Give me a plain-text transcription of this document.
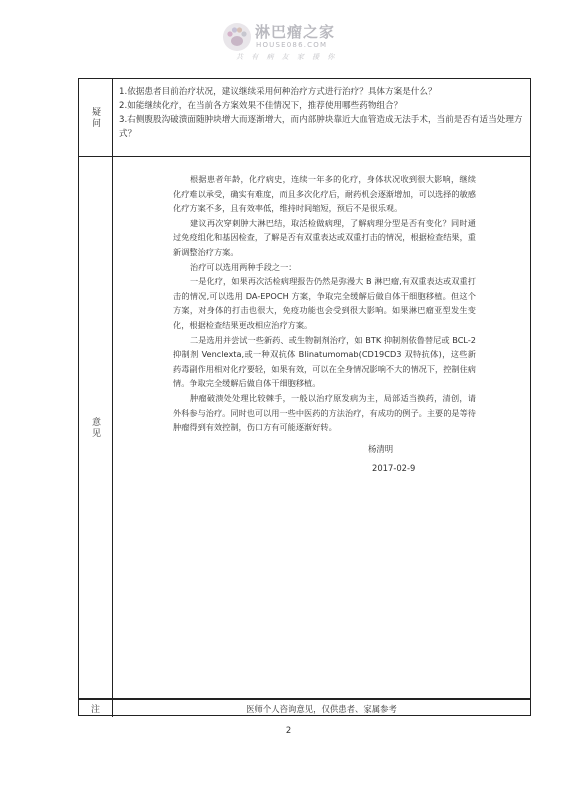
淋巴瘤之家
HOUSE086.COM
共 有 病 友 家 援 你
疑问

1.依据患者目前治疗状况，建议继续采用何种治疗方式进行治疗？具体方案是什么？

2.如能继续化疗，在当前各方案效果不佳情况下，推荐使用哪些药物组合？

3.右侧腹股沟破溃面随肿块增大而逐渐增大，而内部肿块靠近大血管造成无法手术，当前是否有适当处理方式？

意见

根据患者年龄，化疗病史，连续一年多的化疗，身体状况收到很大影响，继续化疗难以承受，确实有难度，而且多次化疗后，耐药机会逐渐增加，可以选择的敏感化疗方案不多，且有效率低，维持时间缩短，预后不是很乐观。

建议再次穿刺肿大淋巴结，取活检做病理，了解病理分型是否有变化？同时通过免疫组化和基因检查，了解是否有双重表达或双重打击的情况，根据检查结果，重新调整治疗方案。

治疗可以选用两种手段之一：

一是化疗，如果再次活检病理报告仍然是弥漫大 B 淋巴瘤,有双重表达或双重打击的情况,可以选用 DA-EPOCH 方案，争取完全缓解后做自体干细胞移植。但这个方案，对身体的打击也很大，免疫功能也会受到很大影响。如果淋巴瘤亚型发生变化，根据检查结果更改相应治疗方案。

二是选用并尝试一些新药、或生物制剂治疗，如 BTK 抑制剂依鲁替尼或 BCL-2 抑制剂 Venclexta,或一种双抗体 Blinatumomab(CD19CD3 双特抗体)，这些新药毒副作用相对化疗要轻，如果有效，可以在全身情况影响不大的情况下，控制住病情。争取完全缓解后做自体干细胞移植。

肿瘤破溃处处理比较棘手，一般以治疗原发病为主，局部适当换药，清创，请外科参与治疗。同时也可以用一些中医药的方法治疗，有成功的例子。主要的是等待肿瘤得到有效控制，伤口方有可能逐渐好转。

杨清明
2017-02-9
注	医师个人咨询意见，仅供患者、家属参考
2
